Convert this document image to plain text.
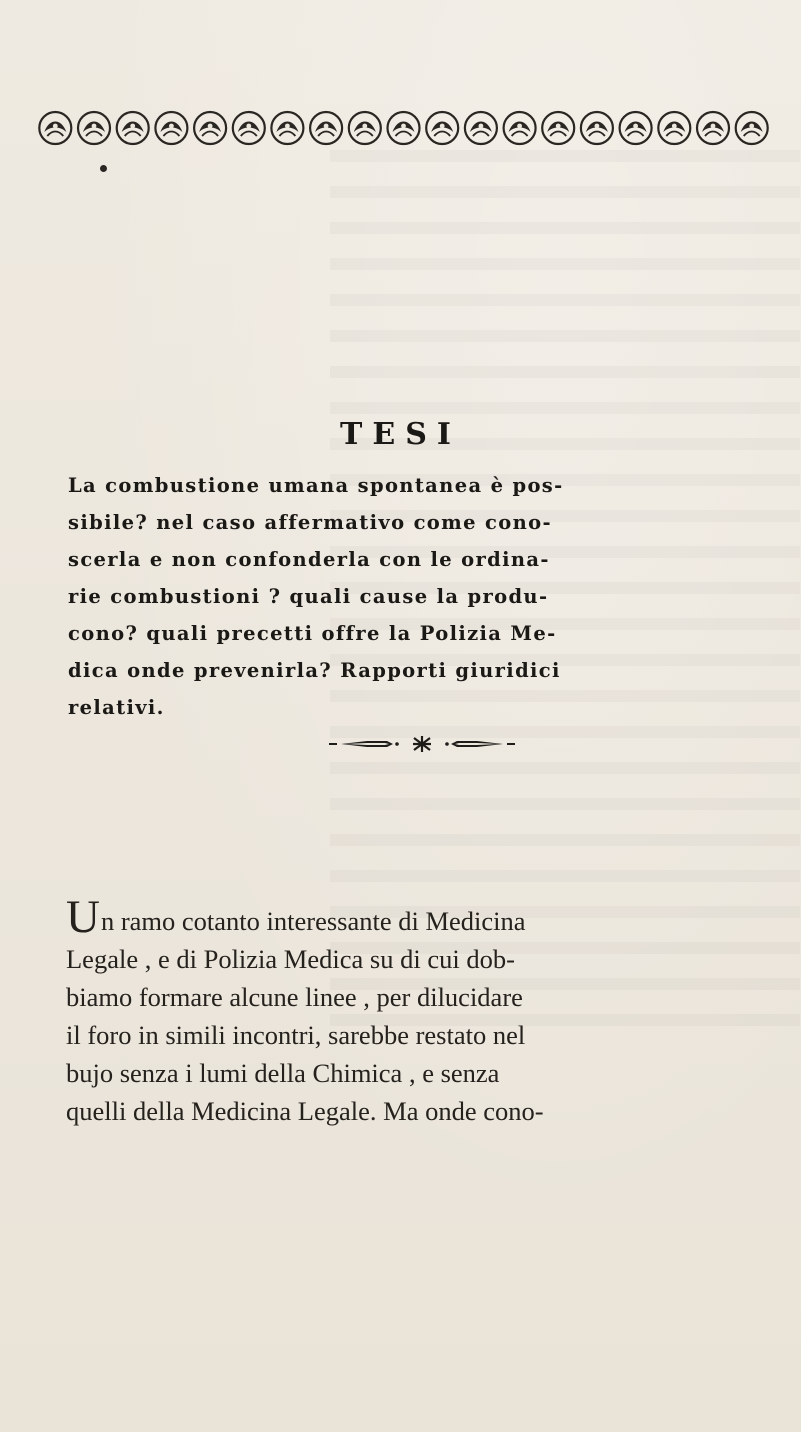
TESI
La combustione umana spontanea è pos-
sibile? nel caso affermativo come cono-
scerla e non confonderla con le ordina-
rie combustioni ? quali cause la produ-
cono? quali precetti offre la Polizia Me-
dica onde prevenirla? Rapporti giuridici
relativi.
Un ramo cotanto interessante di Medicina
Legale , e di Polizia Medica su di cui dob-
biamo formare alcune linee , per dilucidare
il foro in simili incontri, sarebbe restato nel
bujo senza i lumi della Chimica , e senza
quelli della Medicina Legale. Ma onde cono-
